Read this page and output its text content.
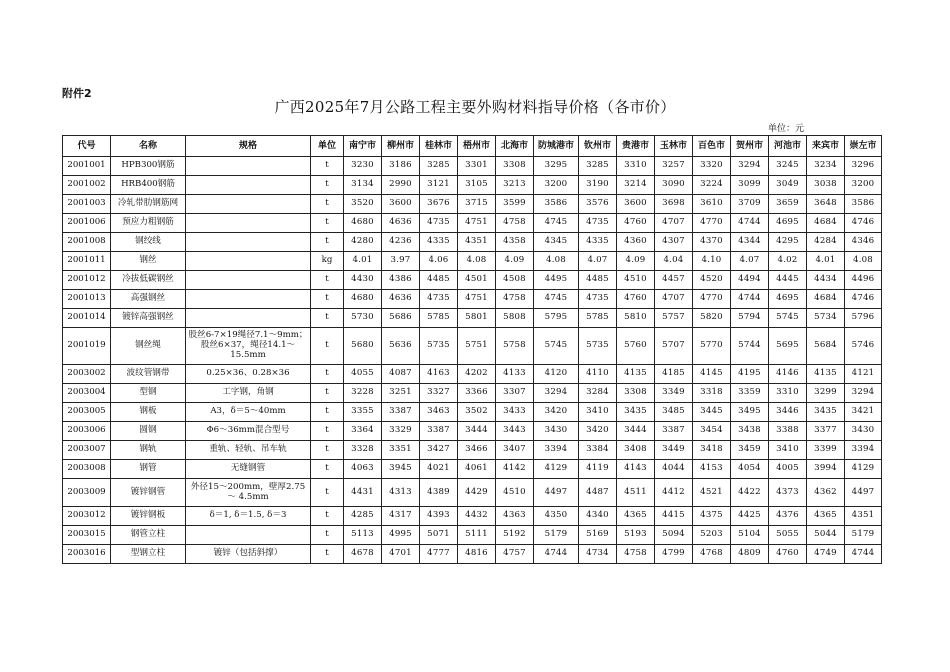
附件2
广西2025年7月公路工程主要外购材料指导价格（各市价）
单位：元
代号	名称	规格	单位	南宁市	柳州市	桂林市	梧州市	北海市	防城港市	钦州市	贵港市	玉林市	百色市	贺州市	河池市	来宾市	崇左市
2001001	HPB300钢筋		t	3230	3186	3285	3301	3308	3295	3285	3310	3257	3320	3294	3245	3234	3296
2001002	HRB400钢筋		t	3134	2990	3121	3105	3213	3200	3190	3214	3090	3224	3099	3049	3038	3200
2001003	冷轧带肋钢筋网		t	3520	3600	3676	3715	3599	3586	3576	3600	3698	3610	3709	3659	3648	3586
2001006	预应力粗钢筋		t	4680	4636	4735	4751	4758	4745	4735	4760	4707	4770	4744	4695	4684	4746
2001008	钢绞线		t	4280	4236	4335	4351	4358	4345	4335	4360	4307	4370	4344	4295	4284	4346
2001011	钢丝		kg	4.01	3.97	4.06	4.08	4.09	4.08	4.07	4.09	4.04	4.10	4.07	4.02	4.01	4.08
2001012	冷拔低碳钢丝		t	4430	4386	4485	4501	4508	4495	4485	4510	4457	4520	4494	4445	4434	4496
2001013	高强钢丝		t	4680	4636	4735	4751	4758	4745	4735	4760	4707	4770	4744	4695	4684	4746
2001014	镀锌高强钢丝		t	5730	5686	5785	5801	5808	5795	5785	5810	5757	5820	5794	5745	5734	5796
2001019	钢丝绳	股丝6-7×19绳径7.1～9mm；股丝6×37，绳径14.1～15.5mm	t	5680	5636	5735	5751	5758	5745	5735	5760	5707	5770	5744	5695	5684	5746
2003002	波纹管钢带	0.25×36、0.28×36	t	4055	4087	4163	4202	4133	4120	4110	4135	4185	4145	4195	4146	4135	4121
2003004	型钢	工字钢，角钢	t	3228	3251	3327	3366	3307	3294	3284	3308	3349	3318	3359	3310	3299	3294
2003005	钢板	A3，δ＝5～40mm	t	3355	3387	3463	3502	3433	3420	3410	3435	3485	3445	3495	3446	3435	3421
2003006	圆钢	Φ6～36mm混合型号	t	3364	3329	3387	3444	3443	3430	3420	3444	3387	3454	3438	3388	3377	3430
2003007	钢轨	重轨、轻轨、吊车轨	t	3328	3351	3427	3466	3407	3394	3384	3408	3449	3418	3459	3410	3399	3394
2003008	钢管	无缝钢管	t	4063	3945	4021	4061	4142	4129	4119	4143	4044	4153	4054	4005	3994	4129
2003009	镀锌钢管	外径15～200mm，壁厚2.75～ 4.5mm	t	4431	4313	4389	4429	4510	4497	4487	4511	4412	4521	4422	4373	4362	4497
2003012	镀锌钢板	δ＝1, δ＝1.5, δ＝3	t	4285	4317	4393	4432	4363	4350	4340	4365	4415	4375	4425	4376	4365	4351
2003015	钢管立柱		t	5113	4995	5071	5111	5192	5179	5169	5193	5094	5203	5104	5055	5044	5179
2003016	型钢立柱	镀锌（包括斜撑）	t	4678	4701	4777	4816	4757	4744	4734	4758	4799	4768	4809	4760	4749	4744
